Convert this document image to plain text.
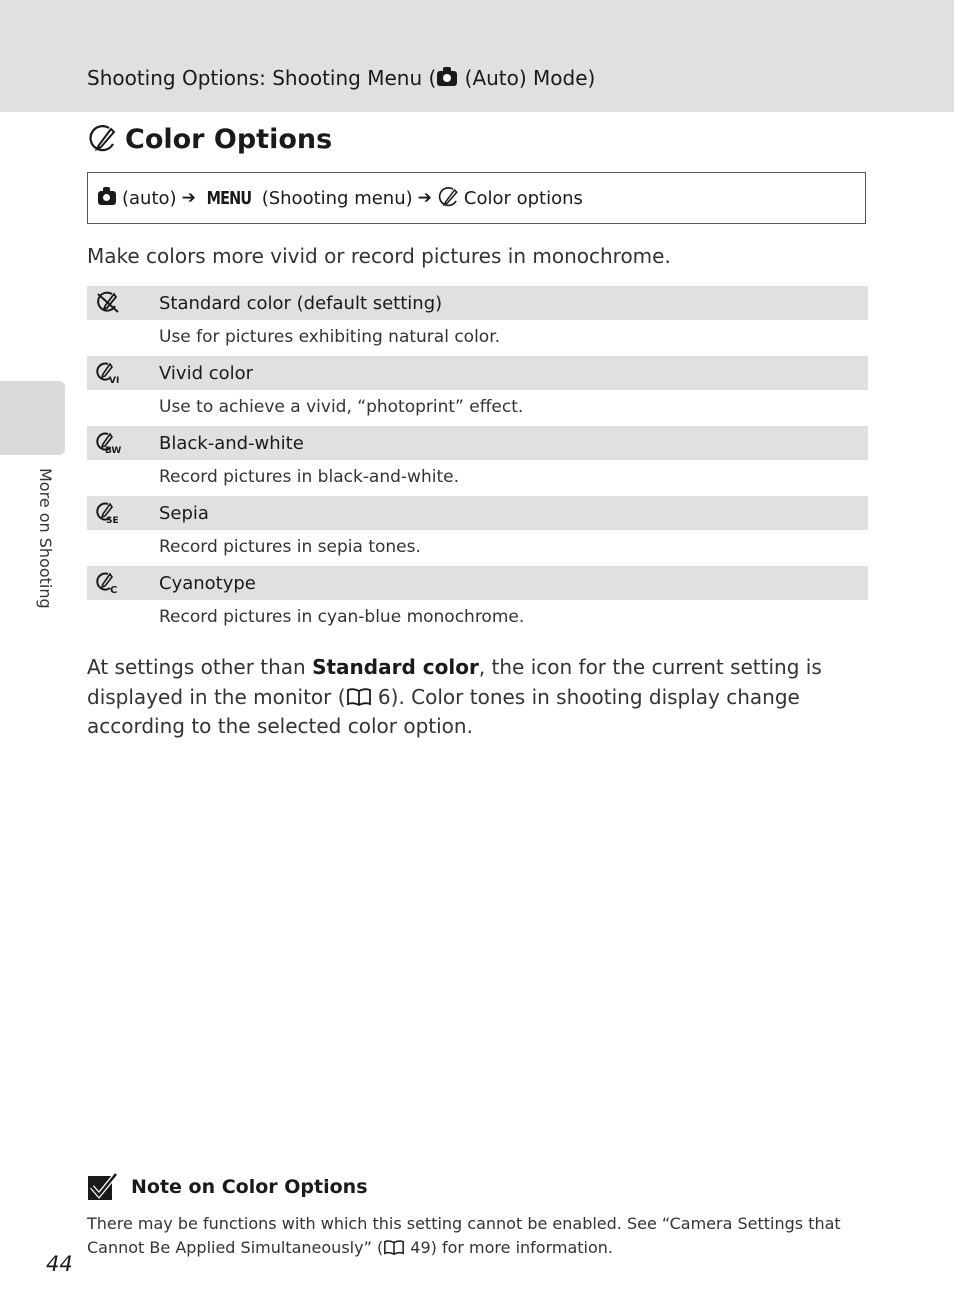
Shooting Options: Shooting Menu ( (Auto) Mode)
More on Shooting
Color Options
(auto) ➔ MENU (Shooting menu) ➔ Color options
Make colors more vivid or record pictures in monochrome.
Standard color (default setting)
Use for pictures exhibiting natural color.
VI Vivid color
Use to achieve a vivid, “photoprint” effect.
BW Black-and-white
Record pictures in black-and-white.
SE Sepia
Record pictures in sepia tones.
C Cyanotype
Record pictures in cyan-blue monochrome.
At settings other than Standard color, the icon for the current setting is displayed in the monitor ( 6). Color tones in shooting display change according to the selected color option.
Note on Color Options
There may be functions with which this setting cannot be enabled. See “Camera Settings that Cannot Be Applied Simultaneously” ( 49) for more information.
44
